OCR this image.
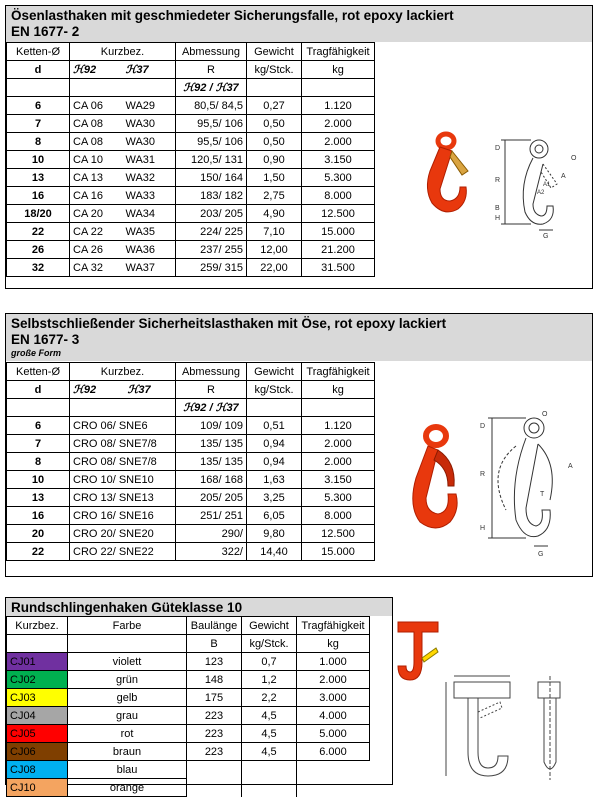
Ösenlasthaken mit geschmiedeter Sicherungsfalle, rot epoxy lackiert
EN 1677- 2
Ketten-Ø	Kurzbez.		Abmessung	Gewicht	Tragfähigkeit
d	ℋ92	ℋ37	R	kg/Stck.	kg
			ℋ92 / ℋ37		
6	CA 06	WA29	80,5/ 84,5	0,27	1.120
7	CA 08	WA30	95,5/ 106	0,50	2.000
8	CA 08	WA30	95,5/ 106	0,50	2.000
10	CA 10	WA31	120,5/ 131	0,90	3.150
13	CA 13	WA32	150/ 164	1,50	5.300
16	CA 16	WA33	183/ 182	2,75	8.000
18/20	CA 20	WA34	203/ 205	4,90	12.500
22	CA 22	WA35	224/ 225	7,10	15.000
26	CA 26	WA36	237/ 255	12,00	21.200
32	CA 32	WA37	259/ 315	22,00	31.500
D
O
R
A
A1
A2
B
H
G
Selbstschließender Sicherheitslasthaken mit Öse, rot epoxy lackiert
EN 1677- 3
große Form
Ketten-Ø	Kurzbez.		Abmessung	Gewicht	Tragfähigkeit
d	ℋ92	ℋ37	R	kg/Stck.	kg
			ℋ92 / ℋ37		
6	CRO 06/ SNE6		109/ 109	0,51	1.120
7	CRO 08/ SNE7/8		135/ 135	0,94	2.000
8	CRO 08/ SNE7/8		135/ 135	0,94	2.000
10	CRO 10/ SNE10		168/ 168	1,63	3.150
13	CRO 13/ SNE13		205/ 205	3,25	5.300
16	CRO 16/ SNE16		251/ 251	6,05	8.000
20	CRO 20/ SNE20		290/	9,80	12.500
22	CRO 22/ SNE22		322/	14,40	15.000
D
O
R
A
T
H
G
Rundschlingenhaken Güteklasse 10
Kurzbez.	Farbe	Baulänge	Gewicht	Tragfähigkeit
		B	kg/Stck.	kg
CJ01	violett	123	0,7	1.000
CJ02	grün	148	1,2	2.000
CJ03	gelb	175	2,2	3.000
CJ04	grau	223	4,5	4.000
CJ05	rot	223	4,5	5.000
CJ06	braun	223	4,5	6.000
CJ08	blau			
CJ10	orange			
